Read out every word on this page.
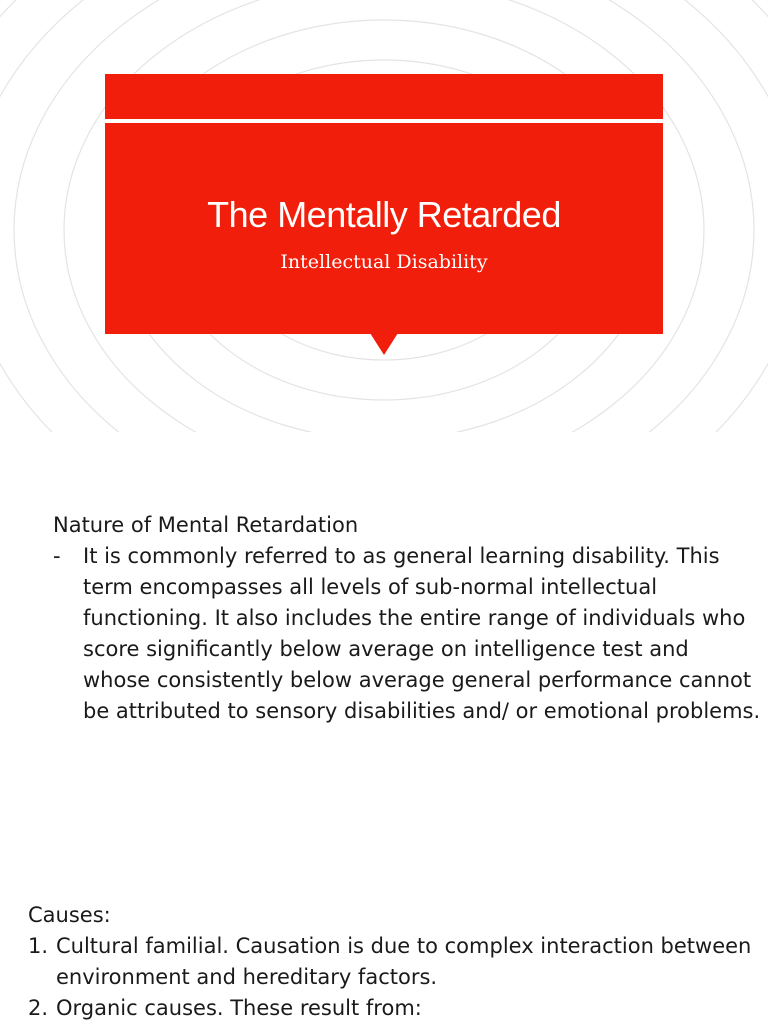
The Mentally Retarded
Intellectual Disability
Nature of Mental Retardation
- It is commonly referred to as general learning disability. This term encompasses all levels of sub-normal intellectual functioning. It also includes the entire range of individuals who score significantly below average on intelligence test and whose consistently below average general performance cannot be attributed to sensory disabilities and/ or emotional problems.
Causes:
1. Cultural familial. Causation is due to complex interaction between environment and hereditary factors.
2. Organic causes. These result from:
